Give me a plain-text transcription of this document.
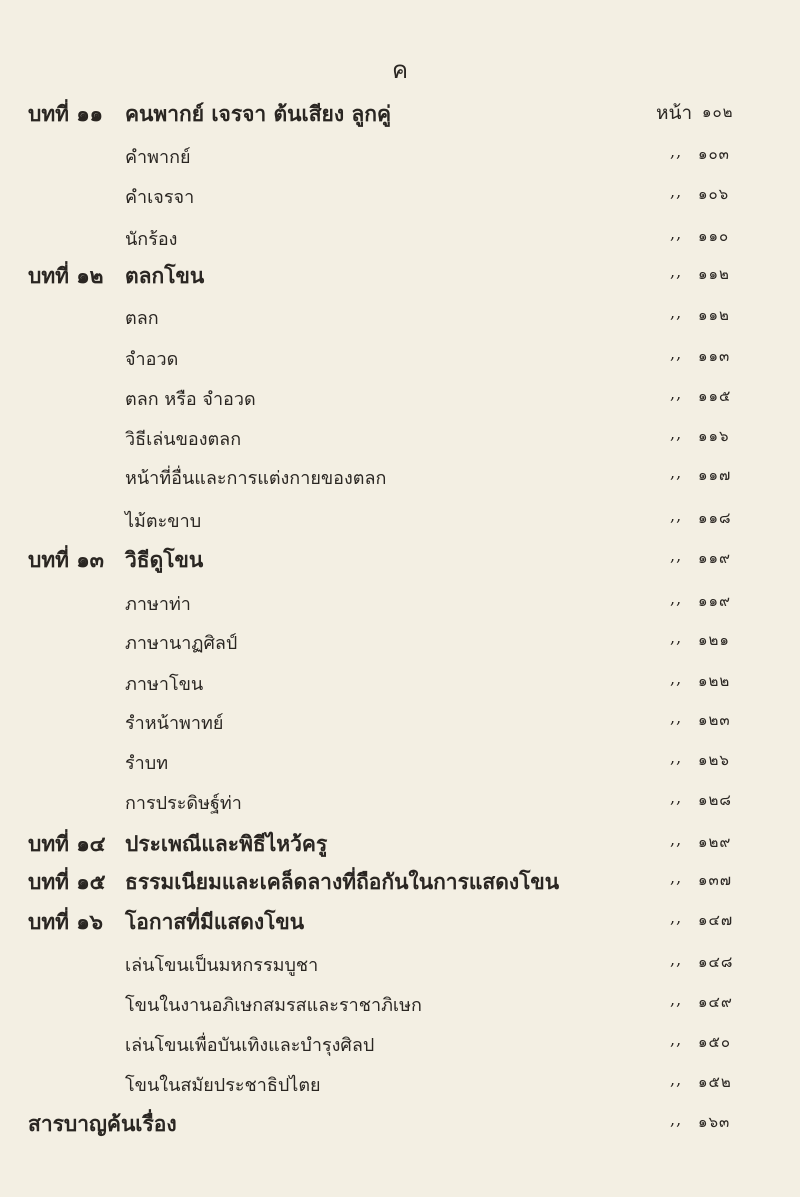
ค
บทที่ ๑๑ คนพากย์ เจรจา ต้นเสียง ลูกคู่	หน้า ๑๐๒
คำพากย์	,, ๑๐๓
คำเจรจา	,, ๑๐๖
นักร้อง	,, ๑๑๐
บทที่ ๑๒ ตลกโขน	,, ๑๑๒
ตลก	,, ๑๑๒
จำอวด	,, ๑๑๓
ตลก หรือ จำอวด	,, ๑๑๕
วิธีเล่นของตลก	,, ๑๑๖
หน้าที่อื่นและการแต่งกายของตลก	,, ๑๑๗
ไม้ตะขาบ	,, ๑๑๘
บทที่ ๑๓ วิธีดูโขน	,, ๑๑๙
ภาษาท่า	,, ๑๑๙
ภาษานาฏศิลป์	,, ๑๒๑
ภาษาโขน	,, ๑๒๒
รำหน้าพาทย์	,, ๑๒๓
รำบท	,, ๑๒๖
การประดิษฐ์ท่า	,, ๑๒๘
บทที่ ๑๔ ประเพณีและพิธีไหว้ครู	,, ๑๒๙
บทที่ ๑๕ ธรรมเนียมและเคล็ดลางที่ถือกันในการแสดงโขน	,, ๑๓๗
บทที่ ๑๖ โอกาสที่มีแสดงโขน	,, ๑๔๗
เล่นโขนเป็นมหกรรมบูชา	,, ๑๔๘
โขนในงานอภิเษกสมรสและราชาภิเษก	,, ๑๔๙
เล่นโขนเพื่อบันเทิงและบำรุงศิลป	,, ๑๕๐
โขนในสมัยประชาธิปไตย	,, ๑๕๒
สารบาญค้นเรื่อง	,, ๑๖๓
